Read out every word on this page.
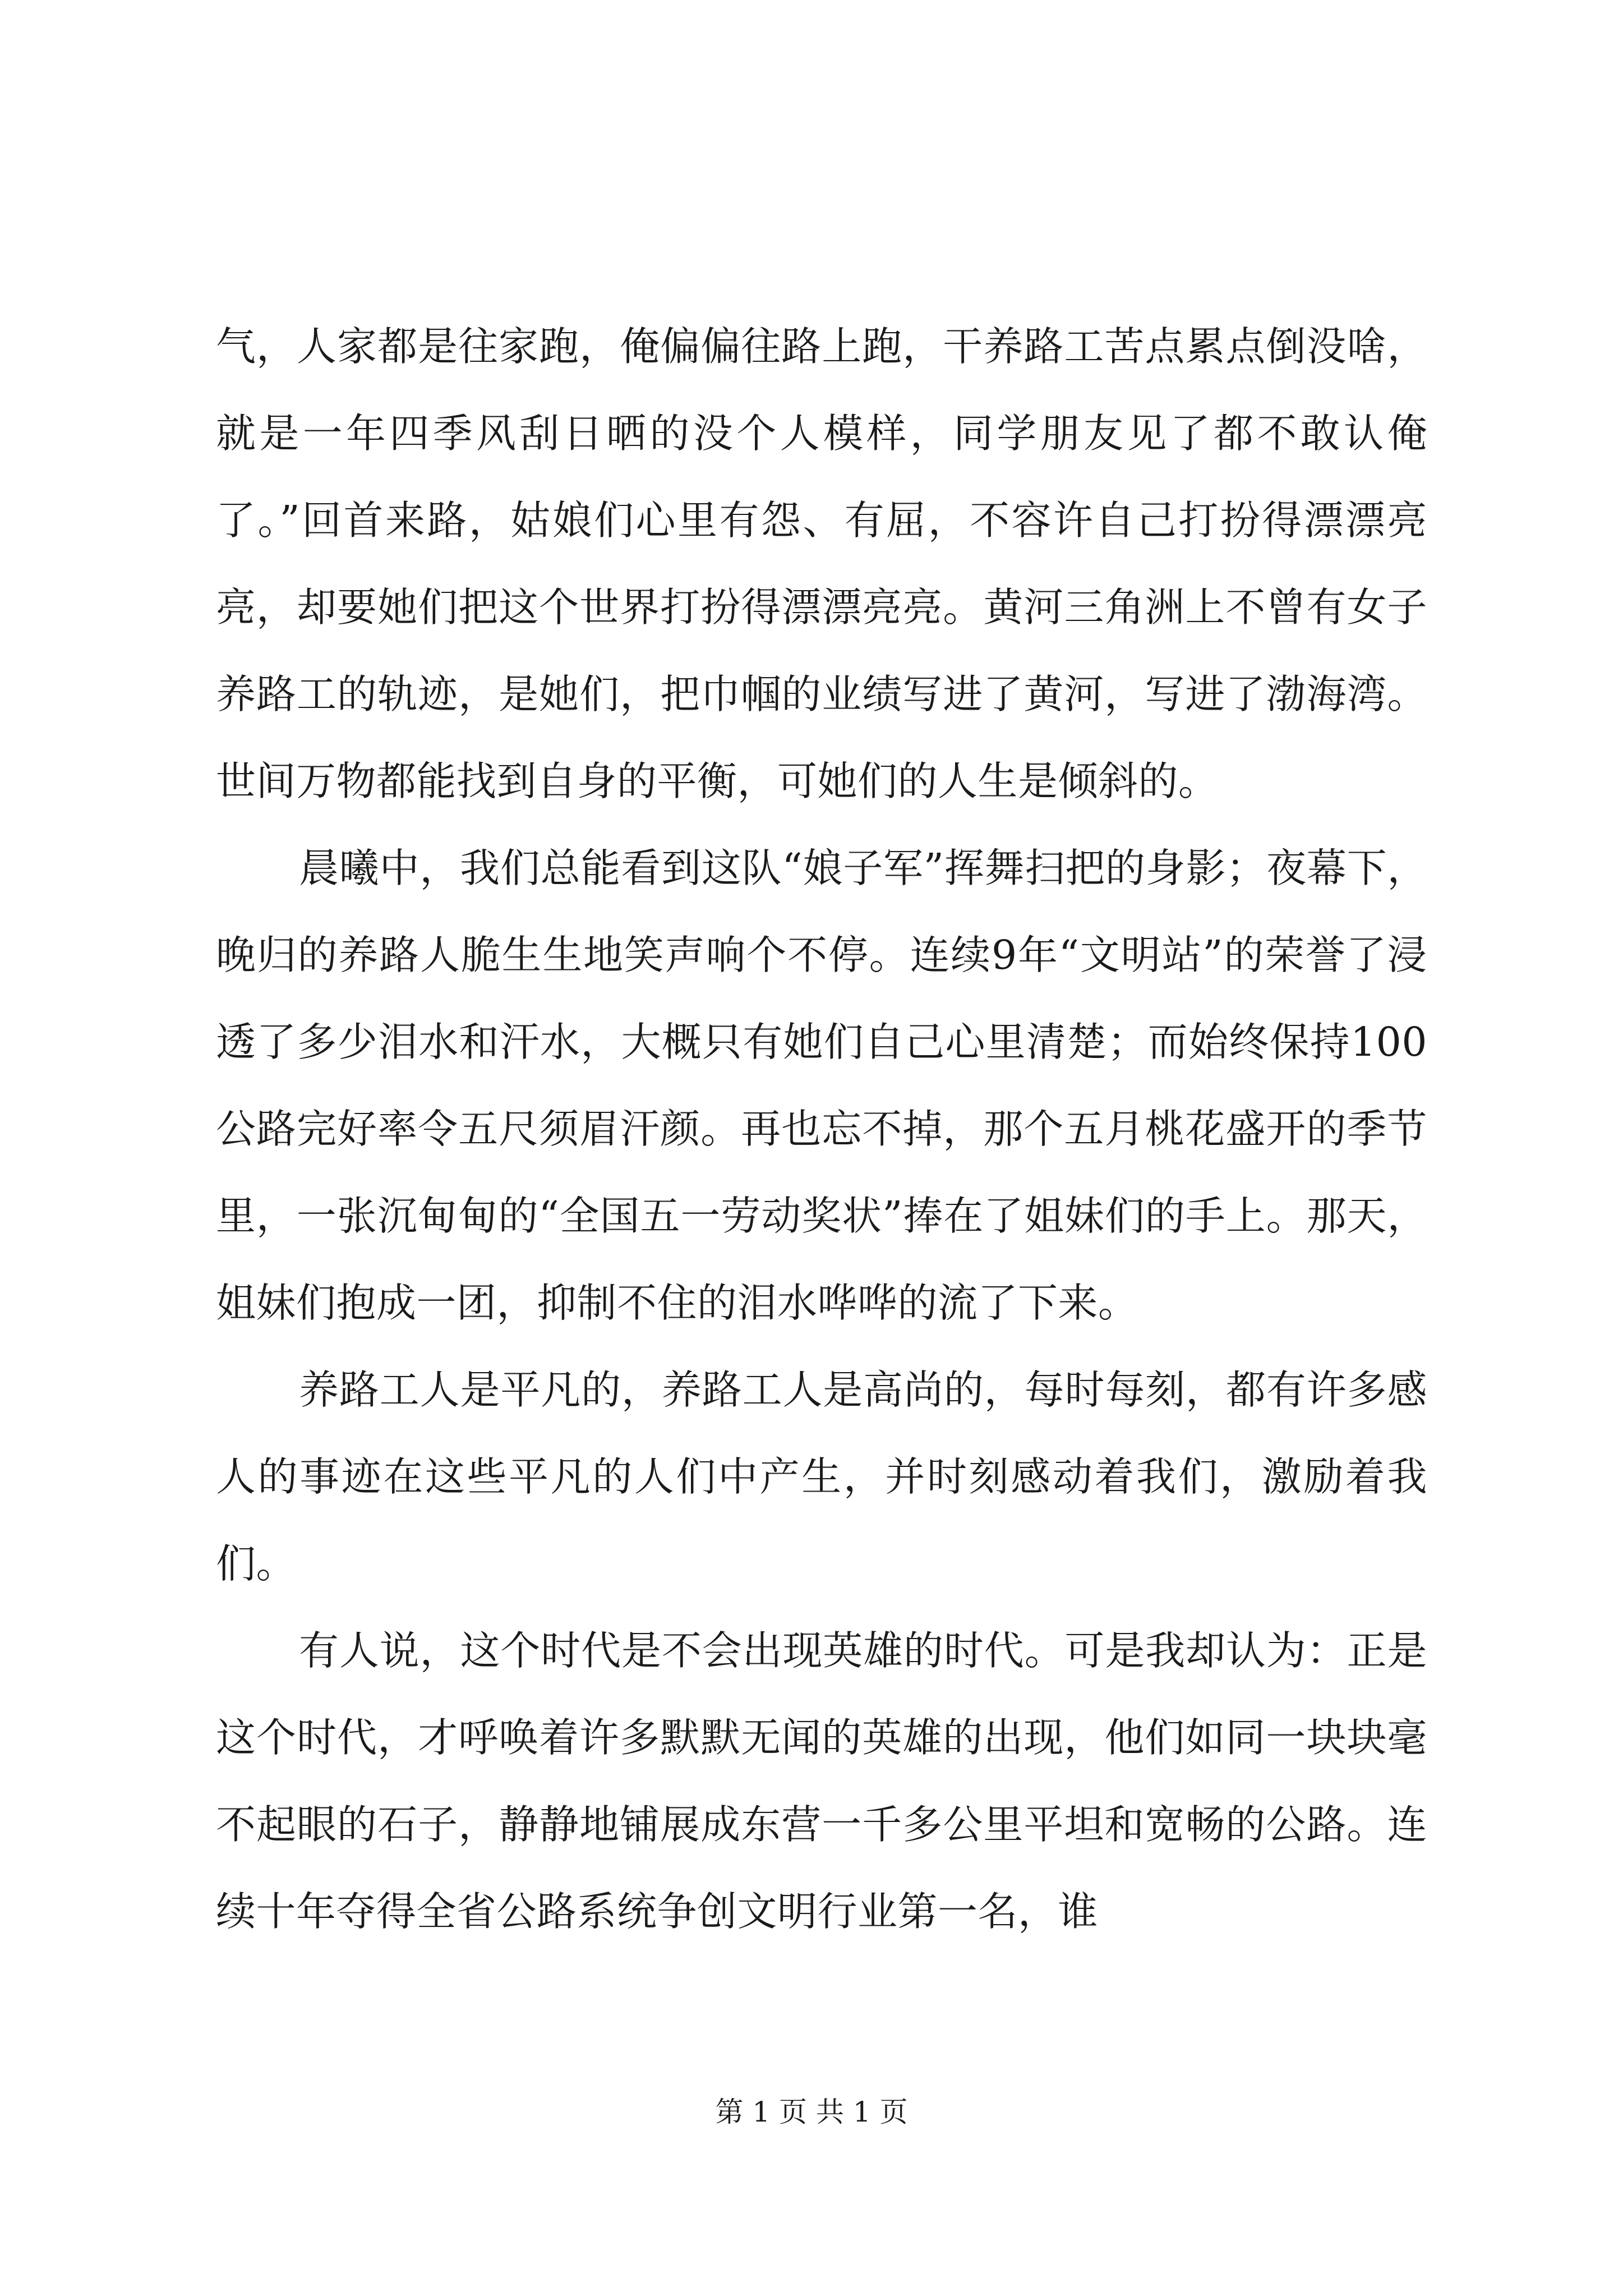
气，人家都是往家跑，俺偏偏往路上跑，干养路工苦点累点倒没啥，就是一年四季风刮日晒的没个人模样，同学朋友见了都不敢认俺了。”回首来路，姑娘们心里有怨、有屈，不容许自己打扮得漂漂亮亮，却要她们把这个世界打扮得漂漂亮亮。黄河三角洲上不曾有女子养路工的轨迹，是她们，把巾帼的业绩写进了黄河，写进了渤海湾。世间万物都能找到自身的平衡，可她们的人生是倾斜的。

晨曦中，我们总能看到这队“娘子军”挥舞扫把的身影；夜幕下，晚归的养路人脆生生地笑声响个不停。连续9年“文明站”的荣誉了浸透了多少泪水和汗水，大概只有她们自己心里清楚；而始终保持100公路完好率令五尺须眉汗颜。再也忘不掉，那个五月桃花盛开的季节里，一张沉甸甸的“全国五一劳动奖状”捧在了姐妹们的手上。那天，姐妹们抱成一团，抑制不住的泪水哗哗的流了下来。

养路工人是平凡的，养路工人是高尚的，每时每刻，都有许多感人的事迹在这些平凡的人们中产生，并时刻感动着我们，激励着我们。

有人说，这个时代是不会出现英雄的时代。可是我却认为：正是这个时代，才呼唤着许多默默无闻的英雄的出现，他们如同一块块毫不起眼的石子，静静地铺展成东营一千多公里平坦和宽畅的公路。连续十年夺得全省公路系统争创文明行业第一名，谁

第 1 页 共 1 页
